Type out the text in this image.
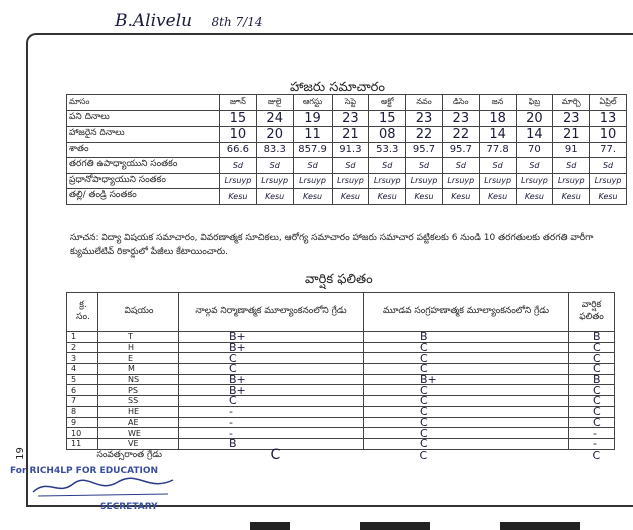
B.Alivelu 8th 7/14
హాజరు సమాచారం
మాసం	జూన్	జులై	ఆగస్టు	సెప్టె	అక్టో	నవం	డిసెం	జన	ఫిబ్ర	మార్చి	ఏప్రిల్
పని దినాలు	15	24	19	23	15	23	23	18	20	23	13
హాజరైన దినాలు	10	20	11	21	08	22	22	14	14	21	10
శాతం	66.6	83.3	857.9	91.3	53.3	95.7	95.7	77.8	70	91	77.
తరగతి ఉపాధ్యాయుని సంతకం	Sd	Sd	Sd	Sd	Sd	Sd	Sd	Sd	Sd	Sd	Sd
ప్రధానోపాధ్యాయుని సంతకం	Lrsuyp	Lrsuyp	Lrsuyp	Lrsuyp	Lrsuyp	Lrsuyp	Lrsuyp	Lrsuyp	Lrsuyp	Lrsuyp	Lrsuyp
తల్లి/ తండ్రి సంతకం	Kesu	Kesu	Kesu	Kesu	Kesu	Kesu	Kesu	Kesu	Kesu	Kesu	Kesu
సూచన: విద్యా విషయక సమాచారం, వివరణాత్మక సూచికలు, ఆరోగ్య సమాచారం హాజరు సమాచార పట్టికలకు 6 నుండి 10 తరగతులకు తరగతి వారీగా క్యుములేటివ్ రికార్డులో పేజీలు కేటాయించారు.
వార్షిక ఫలితం
క్ర. సం.	విషయం	నాల్గవ నిర్మాణాత్మక మూల్యాంకనంలోని గ్రేడు	మూడవ సంగ్రహణాత్మక మూల్యాంకనంలోని గ్రేడు	వార్షిక ఫలితం
1	T	B+	B	B
2	H	B+	C	C
3	E	C	C	C
4	M	C	C	C
5	NS	B+	B+	B
6	PS	B+	C	C
7	SS	C	C	C
8	HE	-	C	C
9	AE	-	C	C
10	WE	-	C	-
11	VE	B	C	-
సంవత్సరాంత గ్రేడు		C	C	C
19
For RICH4LP FOR EDUCATION
SECRETARY
